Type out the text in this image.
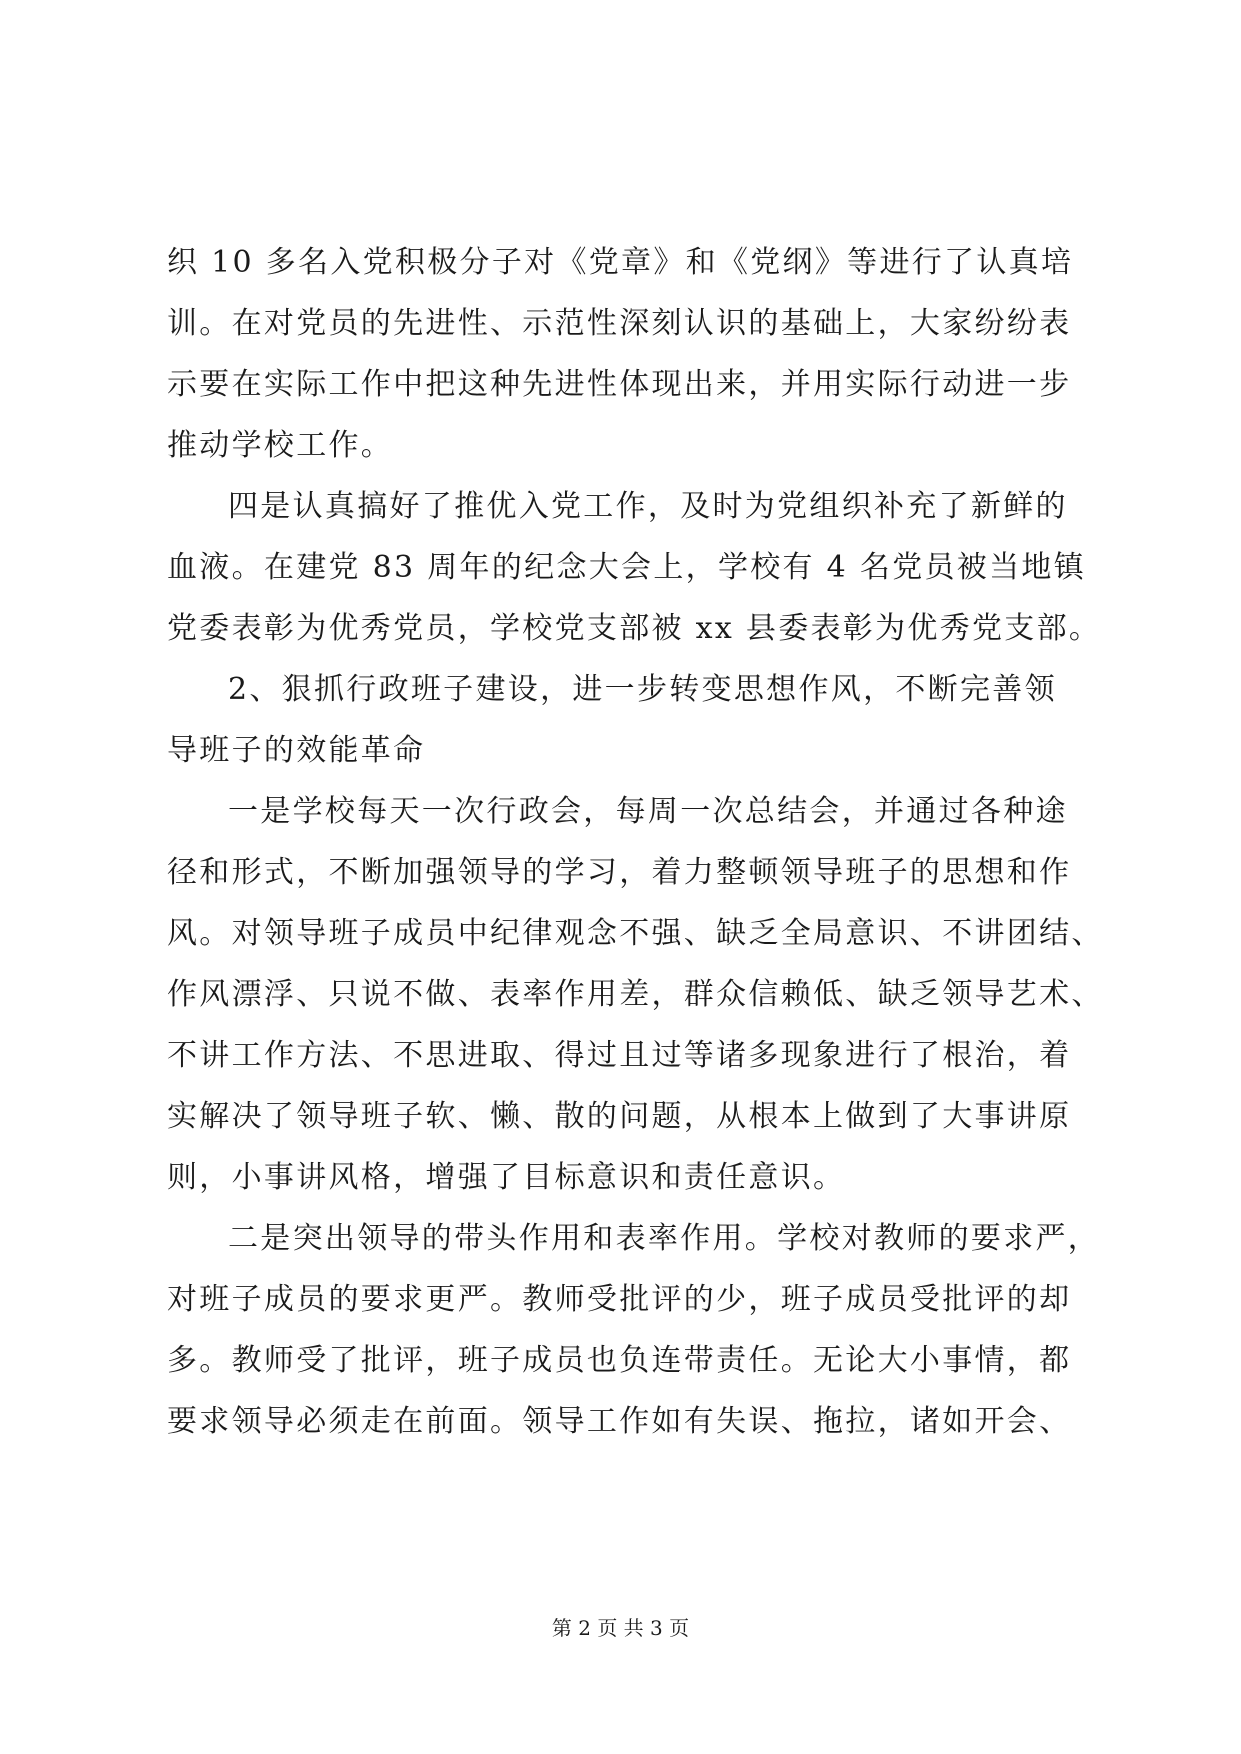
织 10 多名入党积极分子对《党章》和《党纲》等进行了认真培
训。在对党员的先进性、示范性深刻认识的基础上，大家纷纷表
示要在实际工作中把这种先进性体现出来，并用实际行动进一步
推动学校工作。
四是认真搞好了推优入党工作，及时为党组织补充了新鲜的
血液。在建党 83 周年的纪念大会上，学校有 4 名党员被当地镇
党委表彰为优秀党员，学校党支部被 xx 县委表彰为优秀党支部。
2、狠抓行政班子建设，进一步转变思想作风，不断完善领
导班子的效能革命
一是学校每天一次行政会，每周一次总结会，并通过各种途
径和形式，不断加强领导的学习，着力整顿领导班子的思想和作
风。对领导班子成员中纪律观念不强、缺乏全局意识、不讲团结、
作风漂浮、只说不做、表率作用差，群众信赖低、缺乏领导艺术、
不讲工作方法、不思进取、得过且过等诸多现象进行了根治，着
实解决了领导班子软、懒、散的问题，从根本上做到了大事讲原
则，小事讲风格，增强了目标意识和责任意识。
二是突出领导的带头作用和表率作用。学校对教师的要求严，
对班子成员的要求更严。教师受批评的少，班子成员受批评的却
多。教师受了批评，班子成员也负连带责任。无论大小事情，都
要求领导必须走在前面。领导工作如有失误、拖拉，诸如开会、
第 2 页 共 3 页
